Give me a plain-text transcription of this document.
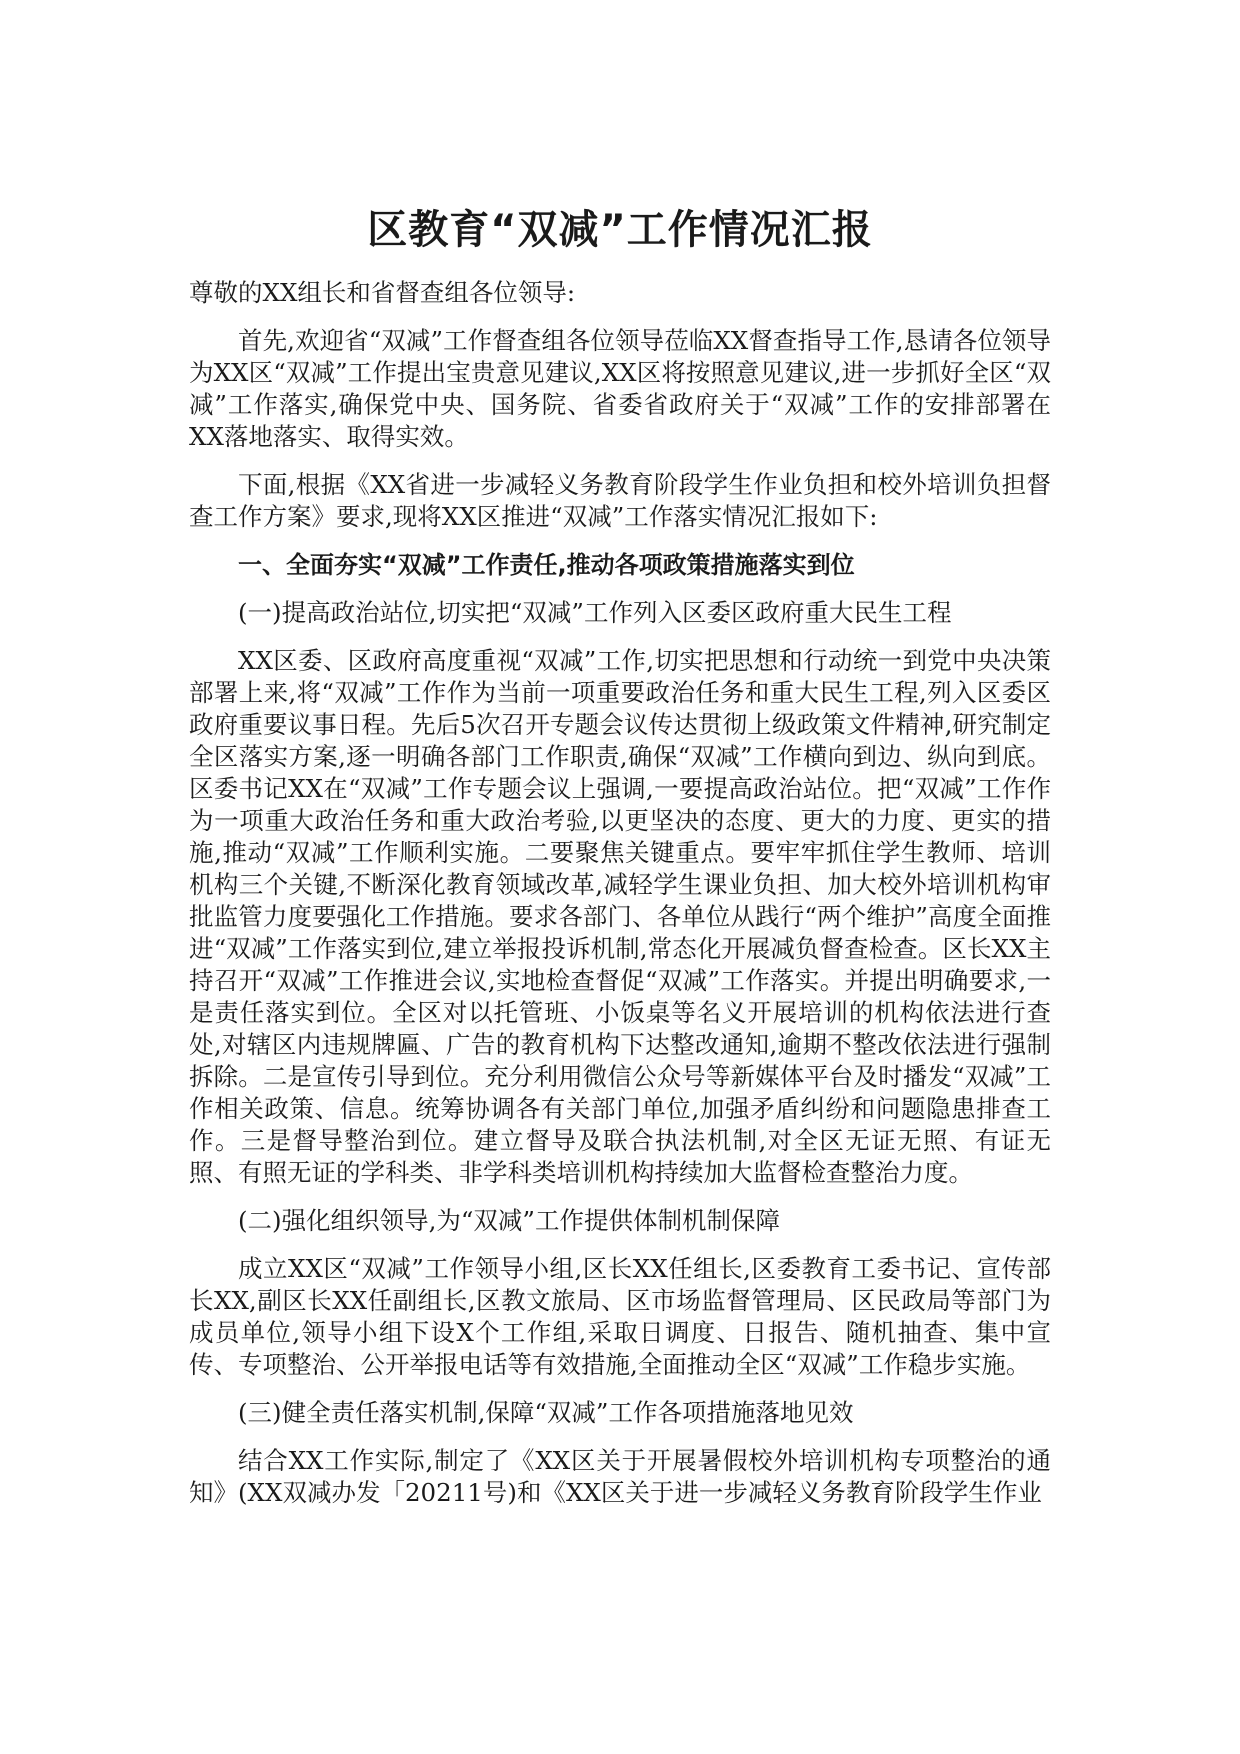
区教育“双减”工作情况汇报

尊敬的XX组长和省督查组各位领导:

首先,欢迎省“双减”工作督查组各位领导莅临XX督查指导工作,恳请各位领导为XX区“双减”工作提出宝贵意见建议,XX区将按照意见建议,进一步抓好全区“双减”工作落实,确保党中央、国务院、省委省政府关于“双减”工作的安排部署在XX落地落实、取得实效。

下面,根据《XX省进一步减轻义务教育阶段学生作业负担和校外培训负担督查工作方案》要求,现将XX区推进“双减”工作落实情况汇报如下:

一、全面夯实“双减”工作责任,推动各项政策措施落实到位

(一)提高政治站位,切实把“双减”工作列入区委区政府重大民生工程

XX区委、区政府高度重视“双减”工作,切实把思想和行动统一到党中央决策部署上来,将“双减”工作作为当前一项重要政治任务和重大民生工程,列入区委区政府重要议事日程。先后5次召开专题会议传达贯彻上级政策文件精神,研究制定全区落实方案,逐一明确各部门工作职责,确保“双减”工作横向到边、纵向到底。区委书记XX在“双减”工作专题会议上强调,一要提高政治站位。把“双减”工作作为一项重大政治任务和重大政治考验,以更坚决的态度、更大的力度、更实的措施,推动“双减”工作顺利实施。二要聚焦关键重点。要牢牢抓住学生教师、培训机构三个关键,不断深化教育领域改革,减轻学生课业负担、加大校外培训机构审批监管力度要强化工作措施。要求各部门、各单位从践行“两个维护”高度全面推进“双减”工作落实到位,建立举报投诉机制,常态化开展减负督查检查。区长XX主持召开“双减”工作推进会议,实地检查督促“双减”工作落实。并提出明确要求,一是责任落实到位。全区对以托管班、小饭桌等名义开展培训的机构依法进行查处,对辖区内违规牌匾、广告的教育机构下达整改通知,逾期不整改依法进行强制拆除。二是宣传引导到位。充分利用微信公众号等新媒体平台及时播发“双减”工作相关政策、信息。统筹协调各有关部门单位,加强矛盾纠纷和问题隐患排查工作。三是督导整治到位。建立督导及联合执法机制,对全区无证无照、有证无照、有照无证的学科类、非学科类培训机构持续加大监督检查整治力度。

(二)强化组织领导,为“双减”工作提供体制机制保障

成立XX区“双减”工作领导小组,区长XX任组长,区委教育工委书记、宣传部长XX,副区长XX任副组长,区教文旅局、区市场监督管理局、区民政局等部门为成员单位,领导小组下设X个工作组,采取日调度、日报告、随机抽查、集中宣传、专项整治、公开举报电话等有效措施,全面推动全区“双减”工作稳步实施。

(三)健全责任落实机制,保障“双减”工作各项措施落地见效

结合XX工作实际,制定了《XX区关于开展暑假校外培训机构专项整治的通知》(XX双减办发「20211号)和《XX区关于进一步减轻义务教育阶段学生作业
